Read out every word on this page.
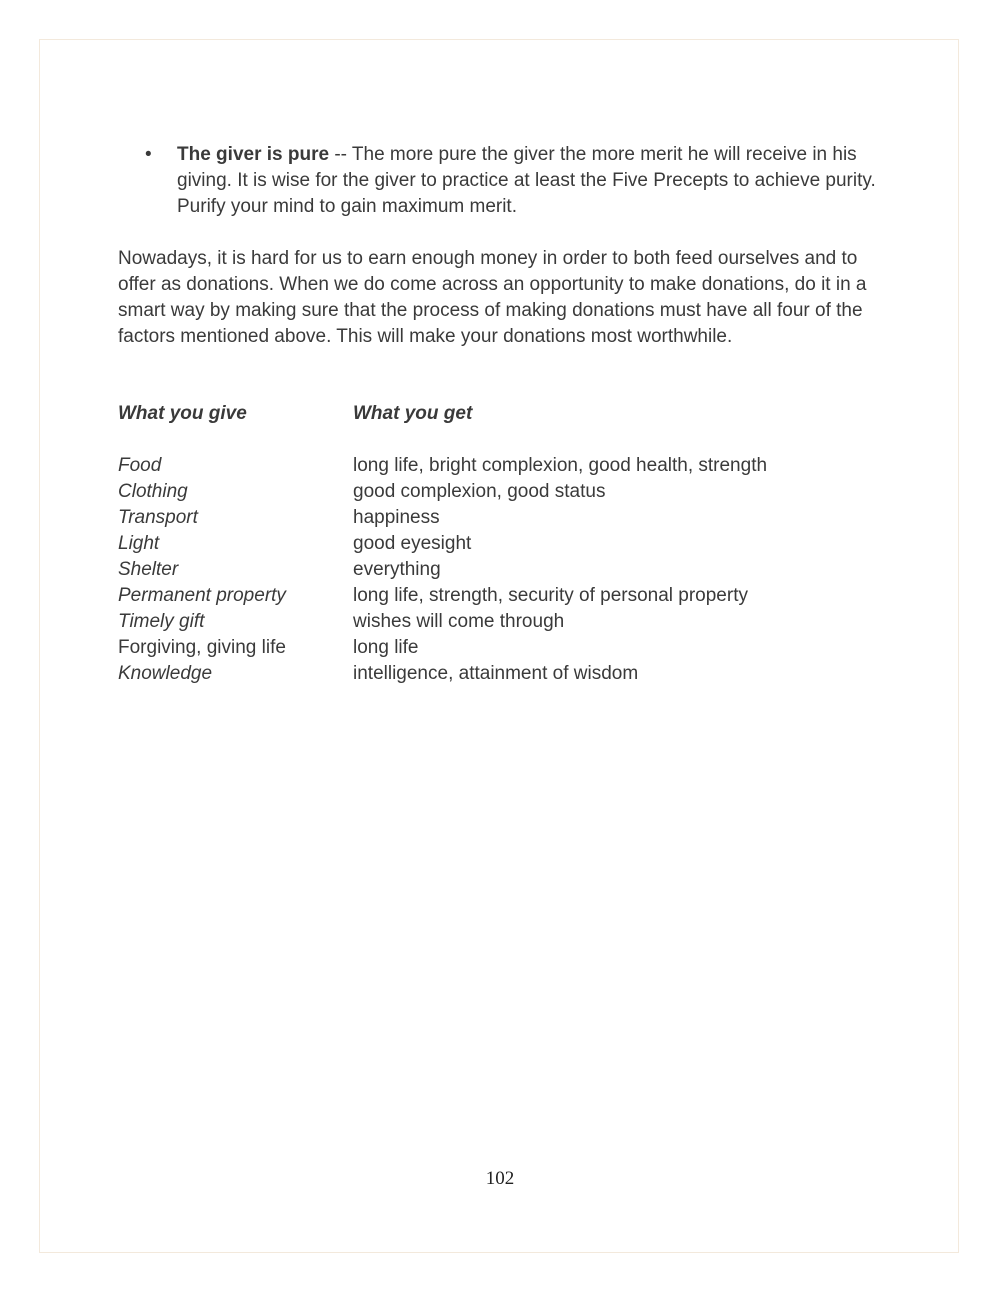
•	The giver is pure -- The more pure the giver the more merit he will receive in his giving. It is wise for the giver to practice at least the Five Precepts to achieve purity. Purify your mind to gain maximum merit.
Nowadays, it is hard for us to earn enough money in order to both feed ourselves and to offer as donations. When we do come across an opportunity to make donations, do it in a smart way by making sure that the process of making donations must have all four of the factors mentioned above. This will make your donations most worthwhile.
What you give	What you get
Food	long life, bright complexion, good health, strength
Clothing	good complexion, good status
Transport	happiness
Light	good eyesight
Shelter	everything
Permanent property	long life, strength, security of personal property
Timely gift	wishes will come through
Forgiving, giving life	long life
Knowledge	intelligence, attainment of wisdom
102
